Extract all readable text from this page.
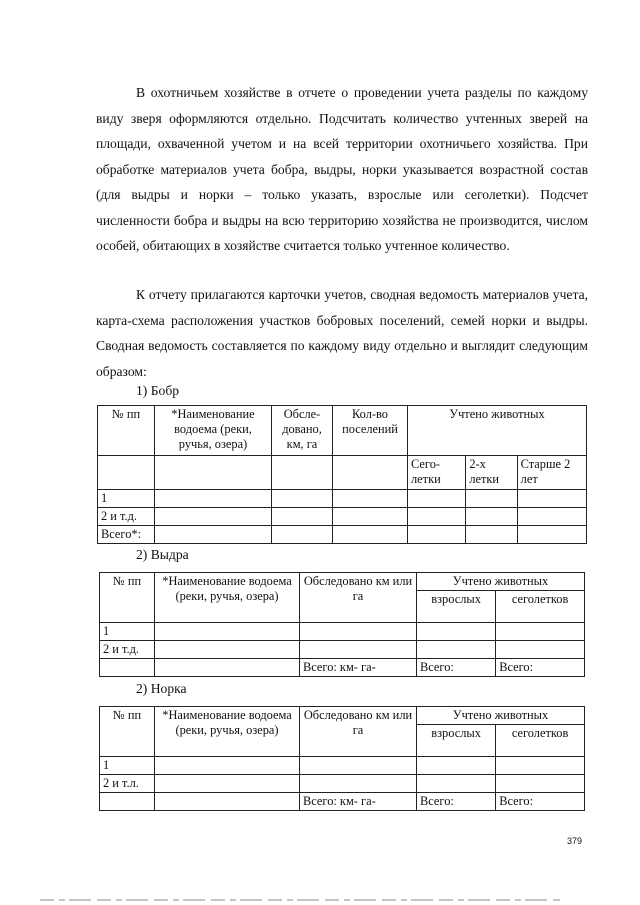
В охотничьем хозяйстве в отчете о проведении учета разделы по каждому виду зверя оформляются отдельно. Подсчитать количество учтенных зверей на площади, охваченной учетом и на всей территории охотничьего хозяйства. При обработке материалов учета бобра, выдры, норки указывается возрастной состав (для выдры и норки – только указать, взрослые или сеголетки). Подсчет численности бобра и выдры на всю территорию хозяйства не производится, числом особей, обитающих в хозяйстве считается только учтенное количество.

К отчету прилагаются карточки учетов, сводная ведомость материалов учета, карта-схема расположения участков бобровых поселений, семей норки и выдры. Сводная ведомость составляется по каждому виду отдельно и выглядит следующим образом:

1) Бобр
№ пп	*Наименование водоема (реки, ручья, озера)	Обсле-довано, км, га	Кол-во поселений	Учтено животных		
				Сего-летки	2-х летки	Старше 2 лет
1						
2 и т.д.						
Всего*:						
2) Выдра
№ пп	*Наименование водоема (реки, ручья, озера)	Обследовано км или га	Учтено животных	
			взрослых	сеголетков
1				
2 и т.д.				
		Всего: км- га-	Всего:	Всего:
2) Норка
№ пп	*Наименование водоема (реки, ручья, озера)	Обследовано км или га	Учтено животных	
			взрослых	сеголетков
1				
2 и т.л.				
		Всего: км- га-	Всего:	Всего:
379
